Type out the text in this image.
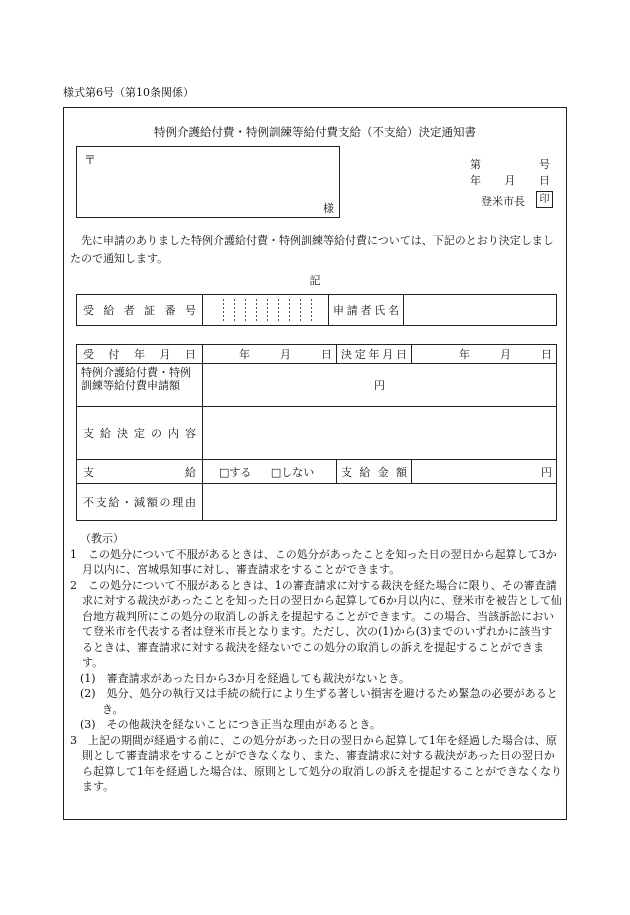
様式第6号（第10条関係）
特例介護給付費・特例訓練等給付費支給（不支給）決定通知書
〒
様
第	号
年 月 日
登米市長	印
先に申請のありました特例介護給付費・特例訓練等給付費については、下記のとおり決定しましたので通知します。
記
受給者証番号		申請者氏名

受付年月日	年 月 日	決定年月日	年 月 日

特例介護給付費・特例訓練等給付費申請額	円		

支給決定の内容			

支 給	□する □しない	支給金額	円

不支給・減額の理由			

（教示）

1　この処分について不服があるときは、この処分があったことを知った日の翌日から起算して3か月以内に、宮城県知事に対し、審査請求をすることができます。

2　この処分について不服があるときは、1の審査請求に対する裁決を経た場合に限り、その審査請求に対する裁決があったことを知った日の翌日から起算して6か月以内に、登米市を被告として仙台地方裁判所にこの処分の取消しの訴えを提起することができます。この場合、当該訴訟において登米市を代表する者は登米市長となります。ただし、次の(1)から(3)までのいずれかに該当するときは、審査請求に対する裁決を経ないでこの処分の取消しの訴えを提起することができます。

(1)　審査請求があった日から3か月を経過しても裁決がないとき。

(2)　処分、処分の執行又は手続の続行により生ずる著しい損害を避けるため緊急の必要があるとき。

(3)　その他裁決を経ないことにつき正当な理由があるとき。

3　上記の期間が経過する前に、この処分があった日の翌日から起算して1年を経過した場合は、原則として審査請求をすることができなくなり、また、審査請求に対する裁決があった日の翌日から起算して1年を経過した場合は、原則として処分の取消しの訴えを提起することができなくなります。
